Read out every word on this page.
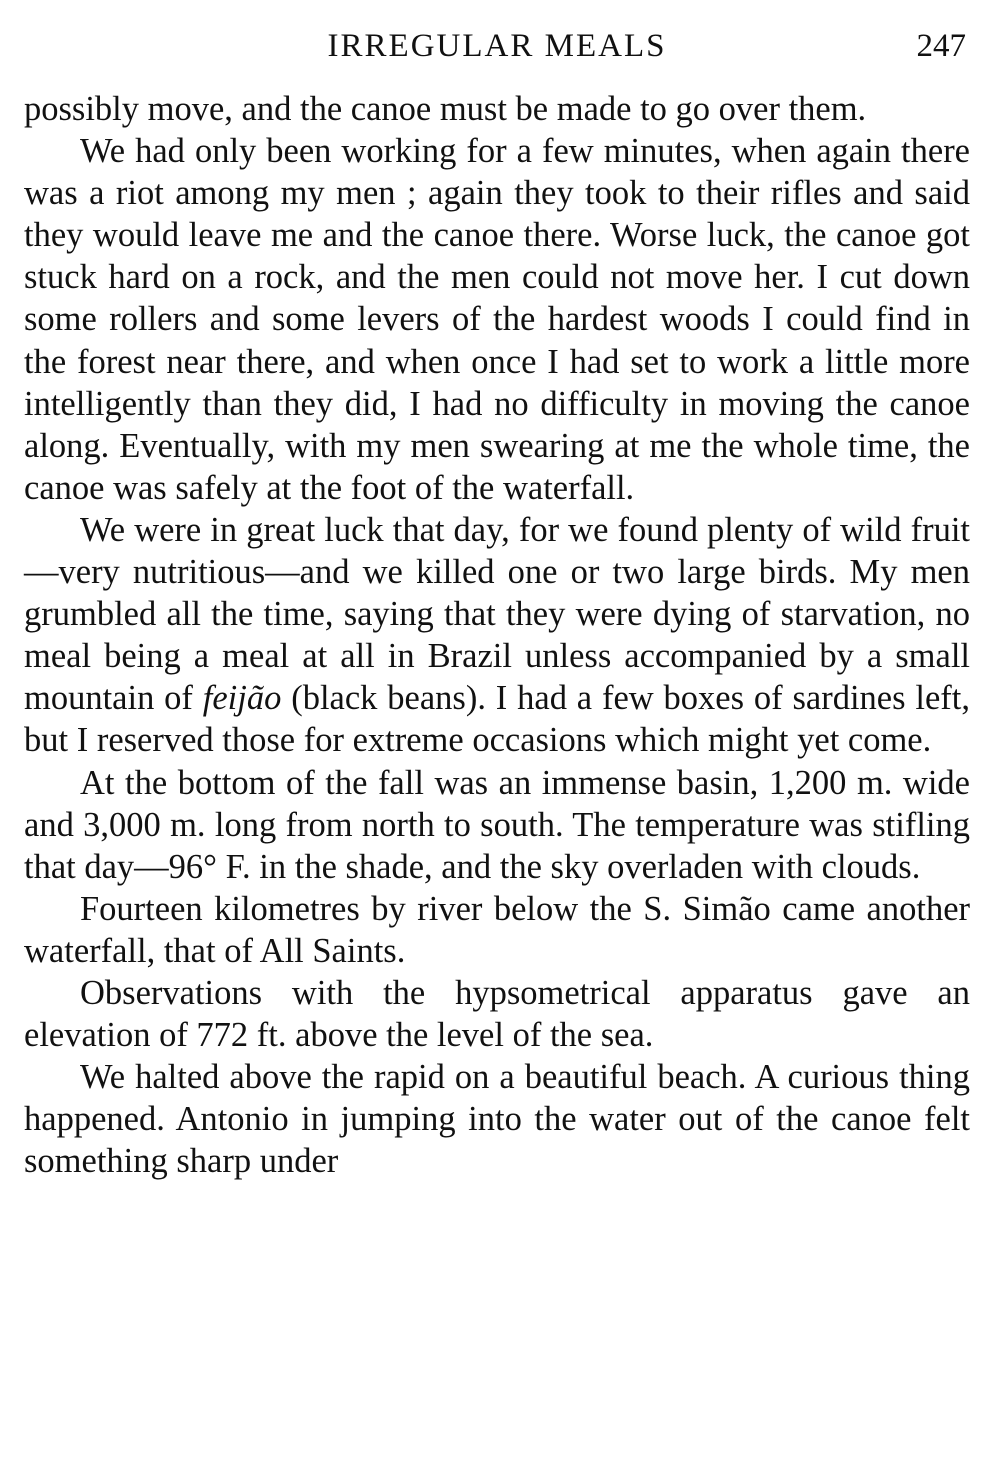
IRREGULAR MEALS	247

possibly move, and the canoe must be made to go over them.

We had only been working for a few minutes, when again there was a riot among my men ; again they took to their rifles and said they would leave me and the canoe there. Worse luck, the canoe got stuck hard on a rock, and the men could not move her. I cut down some rollers and some levers of the hardest woods I could find in the forest near there, and when once I had set to work a little more intelligently than they did, I had no difficulty in moving the canoe along. Eventually, with my men swearing at me the whole time, the canoe was safely at the foot of the waterfall.

We were in great luck that day, for we found plenty of wild fruit—very nutritious—and we killed one or two large birds. My men grumbled all the time, saying that they were dying of starvation, no meal being a meal at all in Brazil unless accompanied by a small mountain of feijão (black beans). I had a few boxes of sardines left, but I reserved those for extreme occasions which might yet come.

At the bottom of the fall was an immense basin, 1,200 m. wide and 3,000 m. long from north to south. The temperature was stifling that day—96° F. in the shade, and the sky overladen with clouds.

Fourteen kilometres by river below the S. Simão came another waterfall, that of All Saints.

Observations with the hypsometrical apparatus gave an elevation of 772 ft. above the level of the sea.

We halted above the rapid on a beautiful beach. A curious thing happened. Antonio in jumping into the water out of the canoe felt something sharp under
